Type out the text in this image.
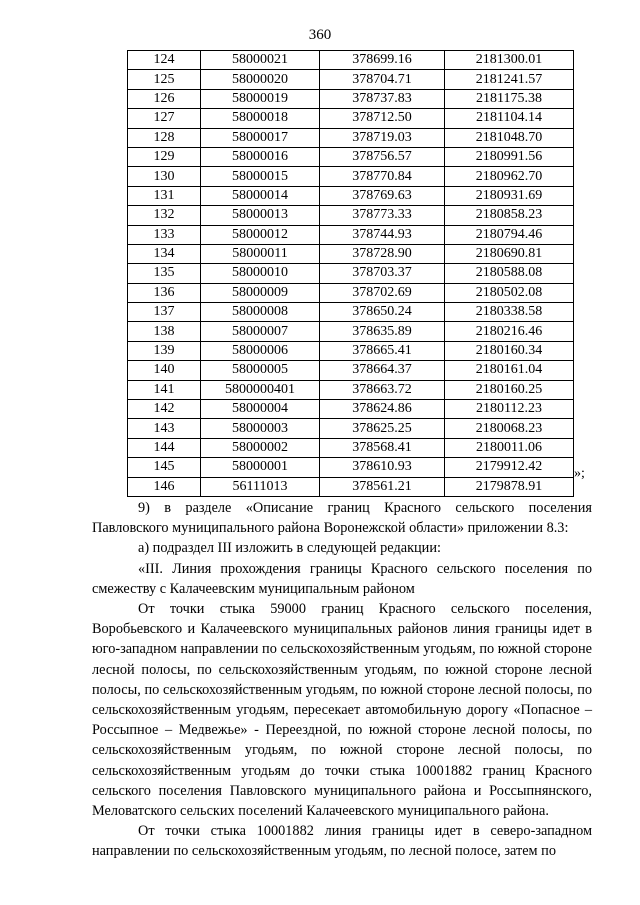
360
124	58000021	378699.16	2181300.01
125	58000020	378704.71	2181241.57
126	58000019	378737.83	2181175.38
127	58000018	378712.50	2181104.14
128	58000017	378719.03	2181048.70
129	58000016	378756.57	2180991.56
130	58000015	378770.84	2180962.70
131	58000014	378769.63	2180931.69
132	58000013	378773.33	2180858.23
133	58000012	378744.93	2180794.46
134	58000011	378728.90	2180690.81
135	58000010	378703.37	2180588.08
136	58000009	378702.69	2180502.08
137	58000008	378650.24	2180338.58
138	58000007	378635.89	2180216.46
139	58000006	378665.41	2180160.34
140	58000005	378664.37	2180161.04
141	5800000401	378663.72	2180160.25
142	58000004	378624.86	2180112.23
143	58000003	378625.25	2180068.23
144	58000002	378568.41	2180011.06
145	58000001	378610.93	2179912.42
146	56111013	378561.21	2179878.91
»;

9) в разделе «Описание границ Красного сельского поселения Павловского муниципального района Воронежской области» приложении 8.3:

а) подраздел III изложить в следующей редакции:

«III. Линия прохождения границы Красного сельского поселения по смежеству с Калачеевским муниципальным районом

От точки стыка 59000 границ Красного сельского поселения, Воробьевского и Калачеевского муниципальных районов линия границы идет в юго-западном направлении по сельскохозяйственным угодьям, по южной стороне лесной полосы, по сельскохозяйственным угодьям, по южной стороне лесной полосы, по сельскохозяйственным угодьям, по южной стороне лесной полосы, по сельскохозяйственным угодьям, пересекает автомобильную дорогу «Попасное – Россыпное – Медвежье» - Переездной, по южной стороне лесной полосы, по сельскохозяйственным угодьям, по южной стороне лесной полосы, по сельскохозяйственным угодьям до точки стыка 10001882 границ Красного сельского поселения Павловского муниципального района и Россыпнянского, Меловатского сельских поселений Калачеевского муниципального района.

От точки стыка 10001882 линия границы идет в северо-западном направлении по сельскохозяйственным угодьям, по лесной полосе, затем по
